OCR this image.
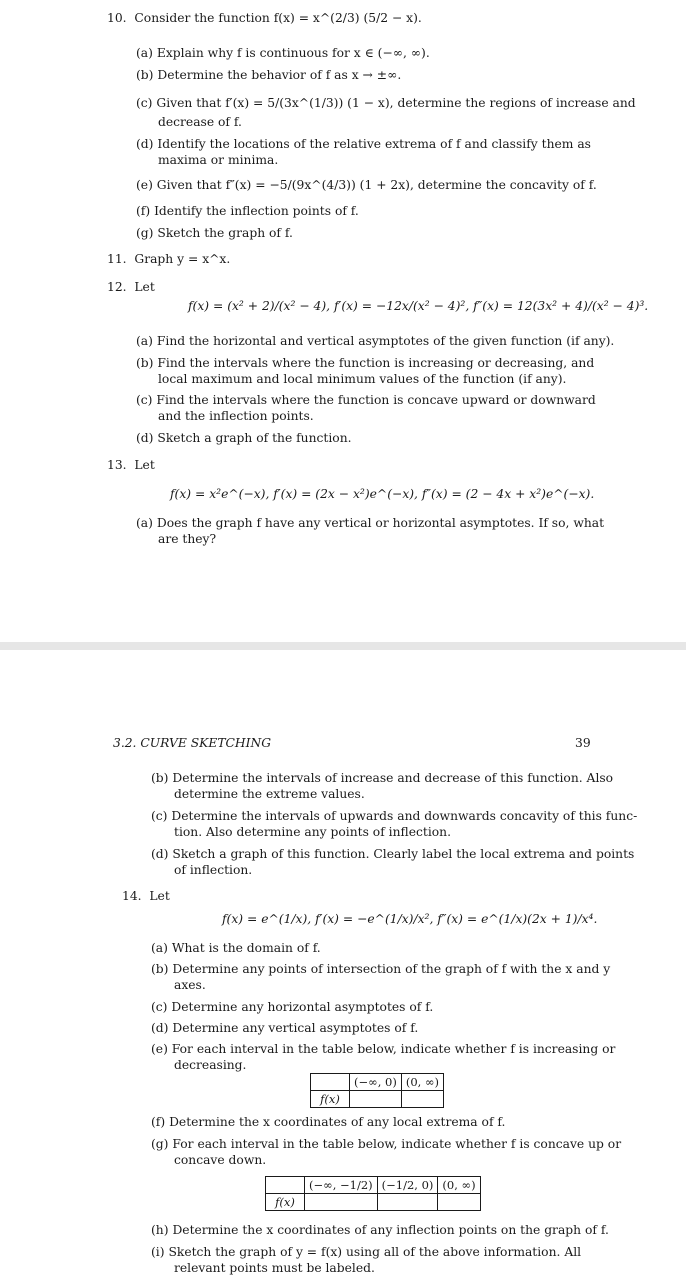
10. Consider the function f(x) = x^(2/3) (5/2 − x).
(a) Explain why f is continuous for x ∈ (−∞, ∞).
(b) Determine the behavior of f as x → ±∞.
(c) Given that f′(x) = 5/(3x^(1/3)) (1 − x), determine the regions of increase and
decrease of f.
(d) Identify the locations of the relative extrema of f and classify them as
maxima or minima.
(e) Given that f″(x) = −5/(9x^(4/3)) (1 + 2x), determine the concavity of f.
(f) Identify the inflection points of f.
(g) Sketch the graph of f.
11. Graph y = x^x.
12. Let
f(x) = (x² + 2)/(x² − 4), f′(x) = −12x/(x² − 4)², f″(x) = 12(3x² + 4)/(x² − 4)³.
(a) Find the horizontal and vertical asymptotes of the given function (if any).
(b) Find the intervals where the function is increasing or decreasing, and
local maximum and local minimum values of the function (if any).
(c) Find the intervals where the function is concave upward or downward
and the inflection points.
(d) Sketch a graph of the function.
13. Let
f(x) = x²e^(−x), f′(x) = (2x − x²)e^(−x), f″(x) = (2 − 4x + x²)e^(−x).
(a) Does the graph f have any vertical or horizontal asymptotes. If so, what
are they?
3.2. CURVE SKETCHING	39
(b) Determine the intervals of increase and decrease of this function. Also
determine the extreme values.
(c) Determine the intervals of upwards and downwards concavity of this func-
tion. Also determine any points of inflection.
(d) Sketch a graph of this function. Clearly label the local extrema and points
of inflection.
14. Let
f(x) = e^(1/x), f′(x) = −e^(1/x)/x², f″(x) = e^(1/x)(2x + 1)/x⁴.
(a) What is the domain of f.
(b) Determine any points of intersection of the graph of f with the x and y
axes.
(c) Determine any horizontal asymptotes of f.
(d) Determine any vertical asymptotes of f.
(e) For each interval in the table below, indicate whether f is increasing or
decreasing.
	(−∞, 0)	(0, ∞)
f(x)		
(f) Determine the x coordinates of any local extrema of f.
(g) For each interval in the table below, indicate whether f is concave up or
concave down.
	(−∞, −1/2)	(−1/2, 0)	(0, ∞)
f(x)			
(h) Determine the x coordinates of any inflection points on the graph of f.
(i) Sketch the graph of y = f(x) using all of the above information. All
relevant points must be labeled.
